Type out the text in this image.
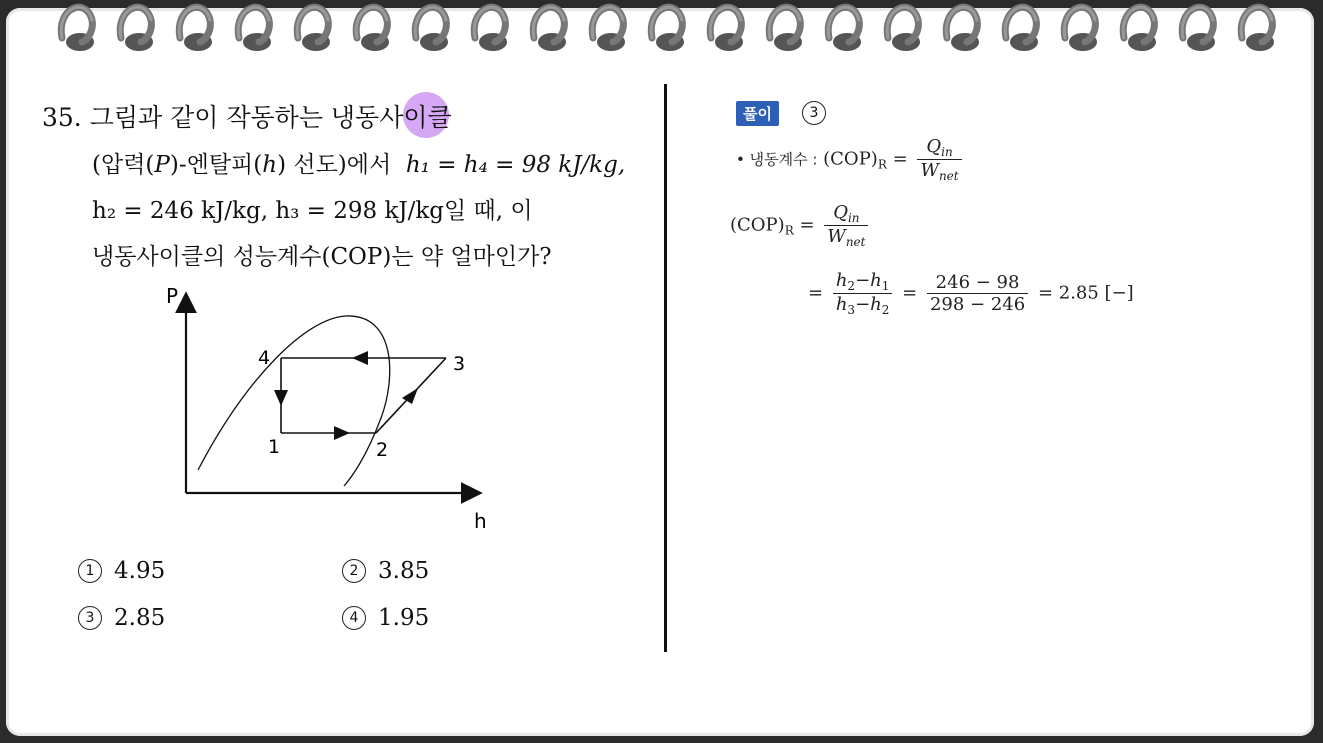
35. 그림과 같이 작동하는 냉동사이클
(압력(P)-엔탈피(h) 선도)에서 h₁ = h₄ = 98 kJ/kg,
h₂ = 246 kJ/kg, h₃ = 298 kJ/kg일 때, 이
냉동사이클의 성능계수(COP)는 약 얼마인가?
P
h
1	2
3
4
1 4.95	2 3.85
3 2.85	4 1.95
풀이	3
• 냉동계수 : $(COP)_R = \frac{Q_{in}}{W_{net}}$
$(COP)_R = \frac{Q_{in}}{W_{net}}$
= $\frac{h_2-h_1}{h_3-h_2} = \frac{246 - 98}{298 - 246} = 2.85$ [−]
